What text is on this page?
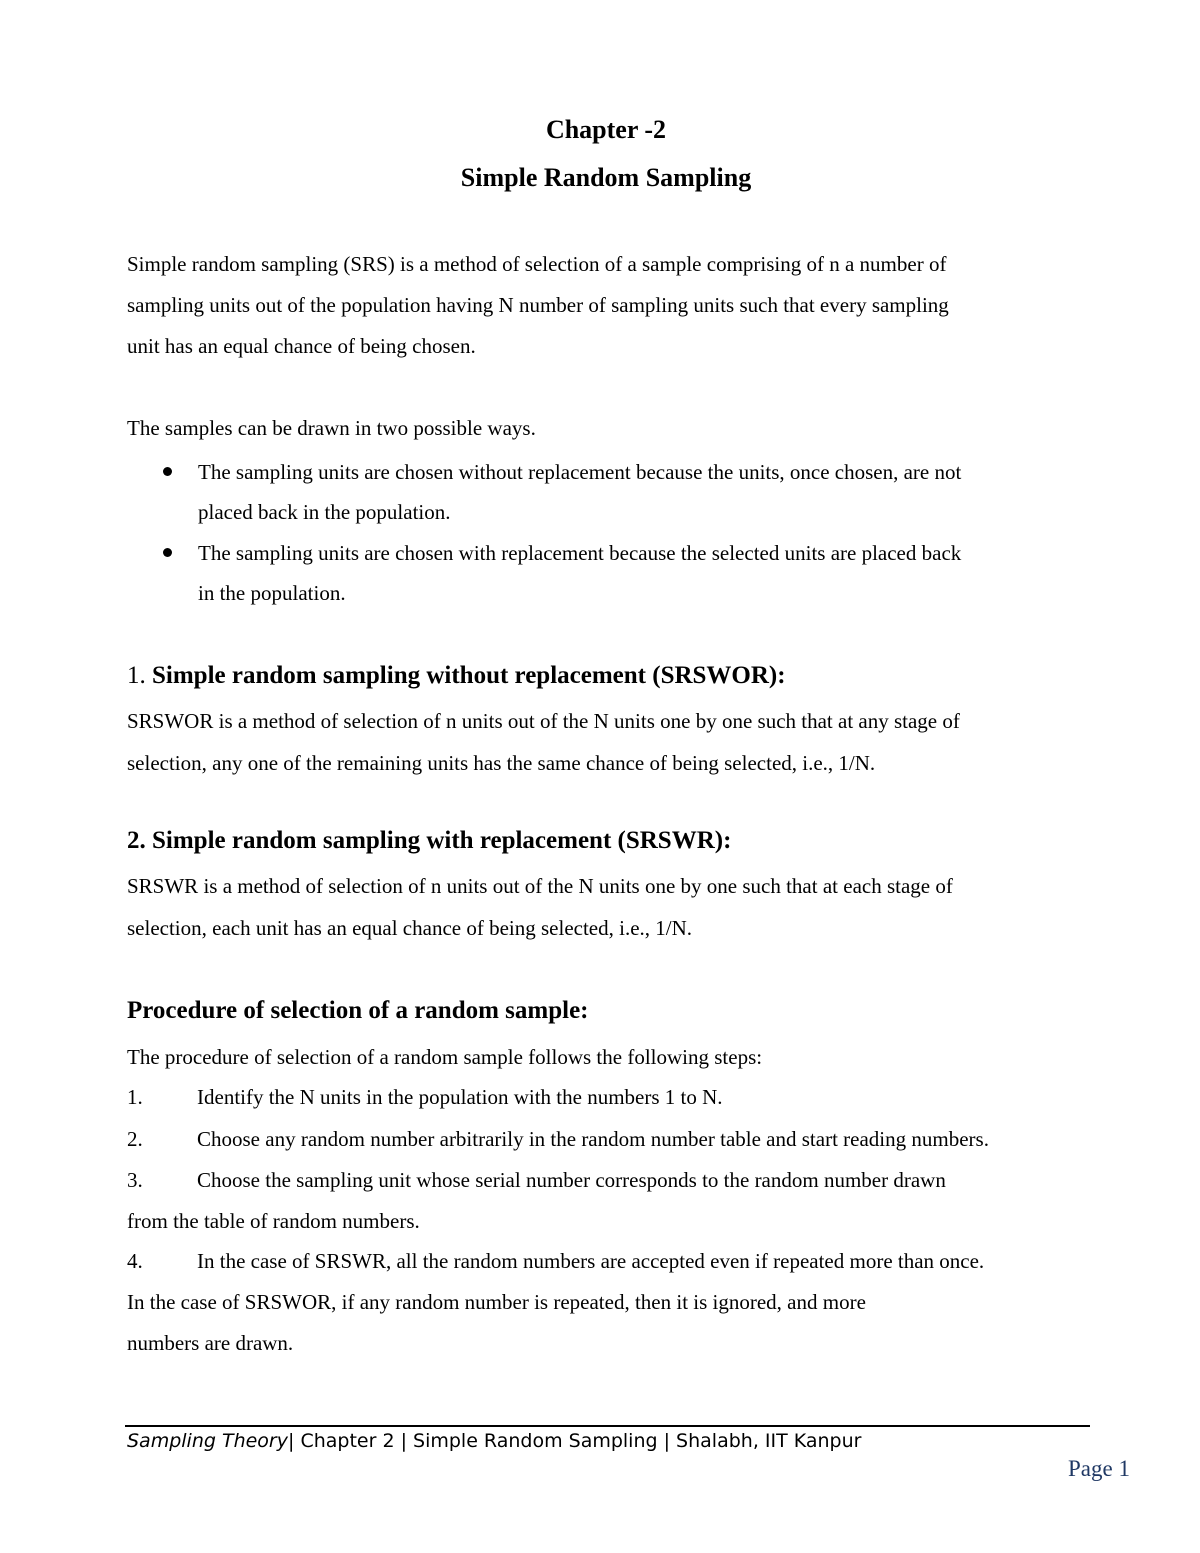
Chapter -2
Simple Random Sampling
Simple random sampling (SRS) is a method of selection of a sample comprising of n a number of
sampling units out of the population having N number of sampling units such that every sampling
unit has an equal chance of being chosen.
The samples can be drawn in two possible ways.
The sampling units are chosen without replacement because the units, once chosen, are not
placed back in the population.
The sampling units are chosen with replacement because the selected units are placed back
in the population.
1. Simple random sampling without replacement (SRSWOR):
SRSWOR is a method of selection of n units out of the N units one by one such that at any stage of
selection, any one of the remaining units has the same chance of being selected, i.e., 1/N.
2. Simple random sampling with replacement (SRSWR):
SRSWR is a method of selection of n units out of the N units one by one such that at each stage of
selection, each unit has an equal chance of being selected, i.e., 1/N.
Procedure of selection of a random sample:
The procedure of selection of a random sample follows the following steps:
1.	Identify the N units in the population with the numbers 1 to N.
2.	Choose any random number arbitrarily in the random number table and start reading numbers.
3.	Choose the sampling unit whose serial number corresponds to the random number drawn
from the table of random numbers.
4.	In the case of SRSWR, all the random numbers are accepted even if repeated more than once.
In the case of SRSWOR, if any random number is repeated, then it is ignored, and more
numbers are drawn.
Sampling Theory| Chapter 2 | Simple Random Sampling | Shalabh, IIT Kanpur
Page 1
